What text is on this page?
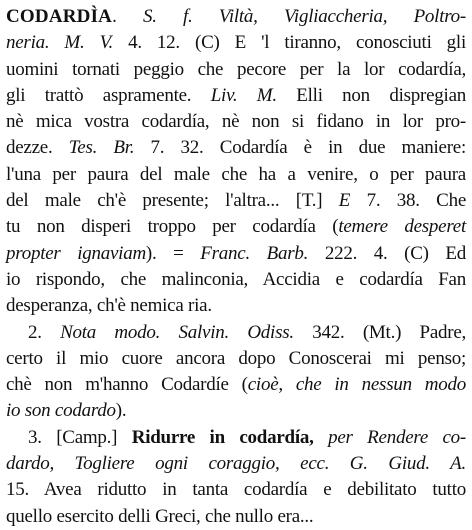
CODARDÌA. S. f. Viltà, Vigliaccheria, Poltro-
neria. M. V. 4. 12. (C) E 'l tiranno, conosciuti gli
uomini tornati peggio che pecore per la lor codardía,
gli trattò aspramente. Liv. M. Elli non dispregian
nè mica vostra codardía, nè non si fidano in lor pro-
dezze. Tes. Br. 7. 32. Codardía è in due maniere:
l'una per paura del male che ha a venire, o per paura
del male ch'è presente; l'altra... [T.] E 7. 38. Che
tu non disperi troppo per codardía (temere desperet
propter ignaviam). = Franc. Barb. 222. 4. (C) Ed
io rispondo, che malinconia, Accidia e codardía Fan
desperanza, ch'è nemica ria.
2. Nota modo. Salvin. Odiss. 342. (Mt.) Padre,
certo il mio cuore ancora dopo Conoscerai mi penso;
chè non m'hanno Codardíe (cioè, che in nessun modo
io son codardo).
3. [Camp.] Ridurre in codardía, per Rendere co-
dardo, Togliere ogni coraggio, ecc. G. Giud. A.
15. Avea ridutto in tanta codardía e debilitato tutto
quello esercito delli Greci, che nullo era...
